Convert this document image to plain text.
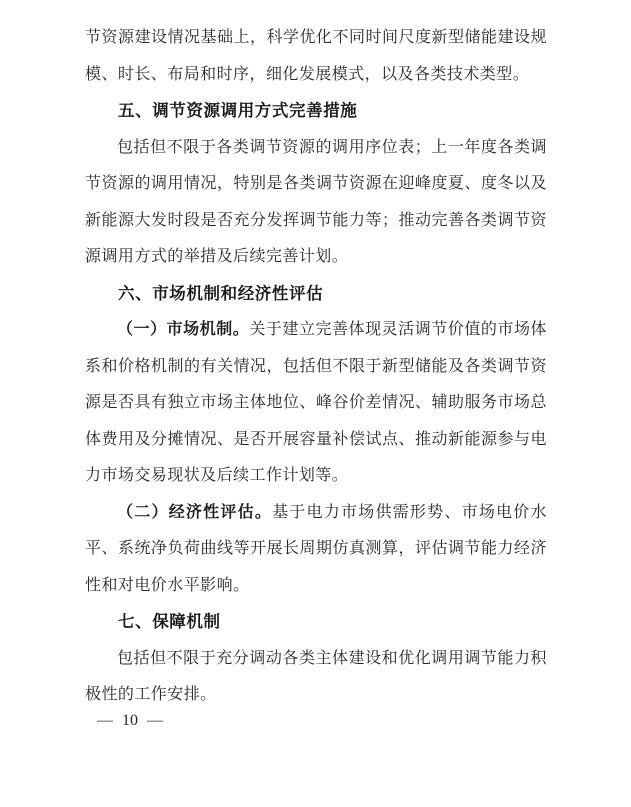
节资源建设情况基础上，科学优化不同时间尺度新型储能建设规模、时长、布局和时序，细化发展模式，以及各类技术类型。

五、调节资源调用方式完善措施

包括但不限于各类调节资源的调用序位表；上一年度各类调节资源的调用情况，特别是各类调节资源在迎峰度夏、度冬以及新能源大发时段是否充分发挥调节能力等；推动完善各类调节资源调用方式的举措及后续完善计划。

六、市场机制和经济性评估

（一）市场机制。关于建立完善体现灵活调节价值的市场体系和价格机制的有关情况，包括但不限于新型储能及各类调节资源是否具有独立市场主体地位、峰谷价差情况、辅助服务市场总体费用及分摊情况、是否开展容量补偿试点、推动新能源参与电力市场交易现状及后续工作计划等。

（二）经济性评估。基于电力市场供需形势、市场电价水平、系统净负荷曲线等开展长周期仿真测算，评估调节能力经济性和对电价水平影响。

七、保障机制

包括但不限于充分调动各类主体建设和优化调用调节能力积极性的工作安排。

— 10 —
